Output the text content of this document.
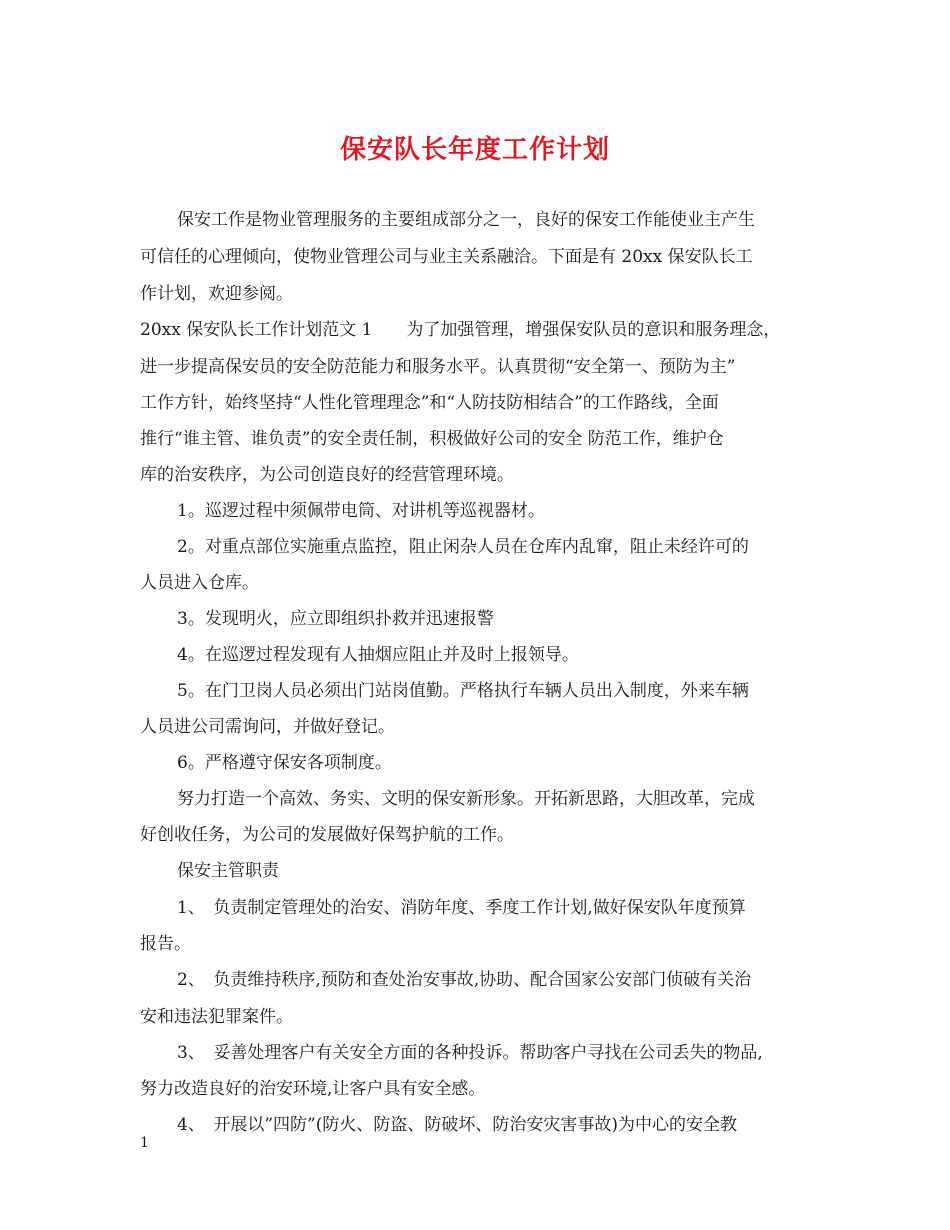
保安队长年度工作计划
保安工作是物业管理服务的主要组成部分之一，良好的保安工作能使业主产生
可信任的心理倾向，使物业管理公司与业主关系融洽。下面是有 20xx 保安队长工
作计划，欢迎参阅。
20xx 保安队长工作计划范文 1　　为了加强管理，增强保安队员的意识和服务理念，
进一步提高保安员的安全防范能力和服务水平。认真贯彻“安全第一、预防为主”
工作方针，始终坚持“人性化管理理念”和“人防技防相结合”的工作路线，全面
推行“谁主管、谁负责”的安全责任制，积极做好公司的安全 防范工作，维护仓
库的治安秩序，为公司创造良好的经营管理环境。
1。巡逻过程中须佩带电筒、对讲机等巡视器材。
2。对重点部位实施重点监控，阻止闲杂人员在仓库内乱窜，阻止未经许可的
人员进入仓库。
3。发现明火，应立即组织扑救并迅速报警
4。在巡逻过程发现有人抽烟应阻止并及时上报领导。
5。在门卫岗人员必须出门站岗值勤。严格执行车辆人员出入制度，外来车辆
人员进公司需询问，并做好登记。
6。严格遵守保安各项制度。
努力打造一个高效、务实、文明的保安新形象。开拓新思路，大胆改革，完成
好创收任务，为公司的发展做好保驾护航的工作。
保安主管职责
1、　负责制定管理处的治安、消防年度、季度工作计划,做好保安队年度预算
报告。
2、　负责维持秩序,预防和查处治安事故,协助、配合国家公安部门侦破有关治
安和违法犯罪案件。
3、　妥善处理客户有关安全方面的各种投诉。帮助客户寻找在公司丢失的物品,
努力改造良好的治安环境,让客户具有安全感。
4、　开展以”四防”(防火、防盗、防破坏、防治安灾害事故)为中心的安全教
1
